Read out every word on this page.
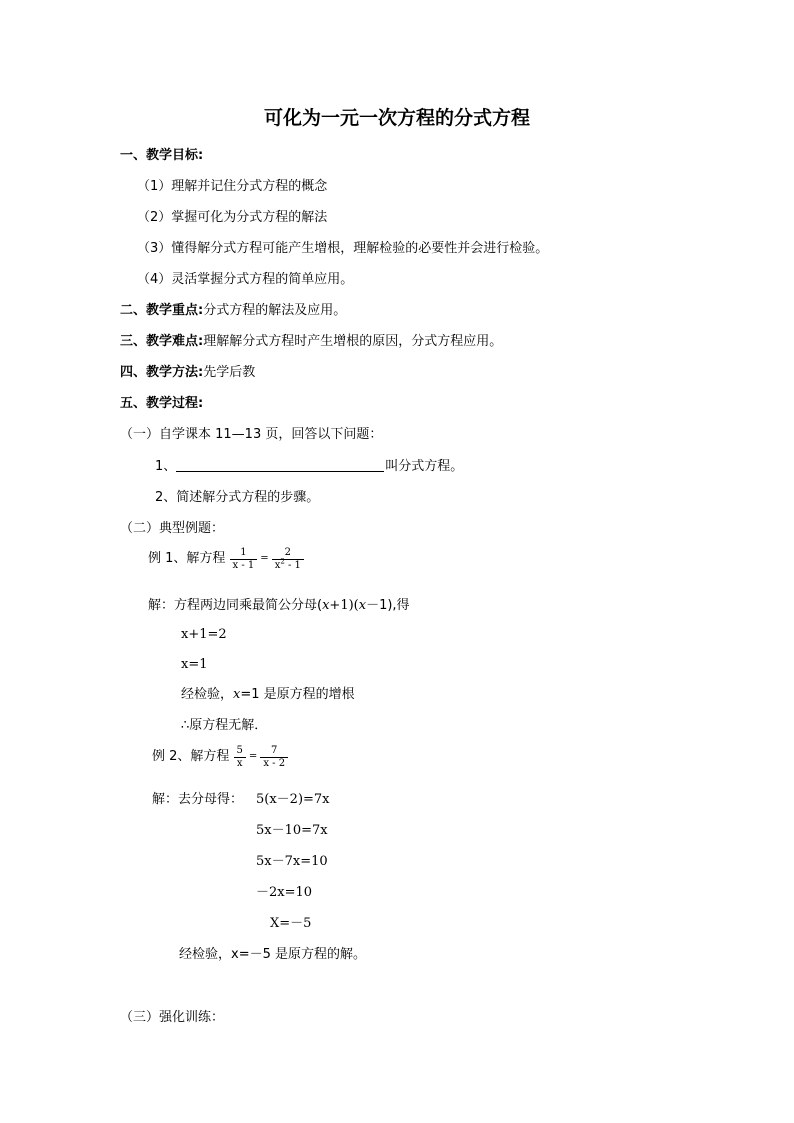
可化为一元一次方程的分式方程
一、教学目标:
（1）理解并记住分式方程的概念
（2）掌握可化为分式方程的解法
（3）懂得解分式方程可能产生增根，理解检验的必要性并会进行检验。
（4）灵活掌握分式方程的简单应用。
二、教学重点:分式方程的解法及应用。
三、教学难点:理解解分式方程时产生增根的原因，分式方程应用。
四、教学方法:先学后教
五、教学过程:
（一）自学课本 11—13 页，回答以下问题：
1、	叫分式方程。
2、简述解分式方程的步骤。
（二）典型例题：
例 1、解方程 $\frac{1}{x - 1} = \frac{2}{x^2 - 1}$
解：方程两边同乘最简公分母(x+1)(x－1),得
x+1=2
x=1
经检验，x=1 是原方程的增根
∴原方程无解．
例 2、解方程 $\frac{5}{x} = \frac{7}{x - 2}$
解：去分母得： 5(x－2)=7x
5x－10=7x
5x－7x=10
－2x=10
X=－5
经检验，x=－5 是原方程的解。
（三）强化训练：
